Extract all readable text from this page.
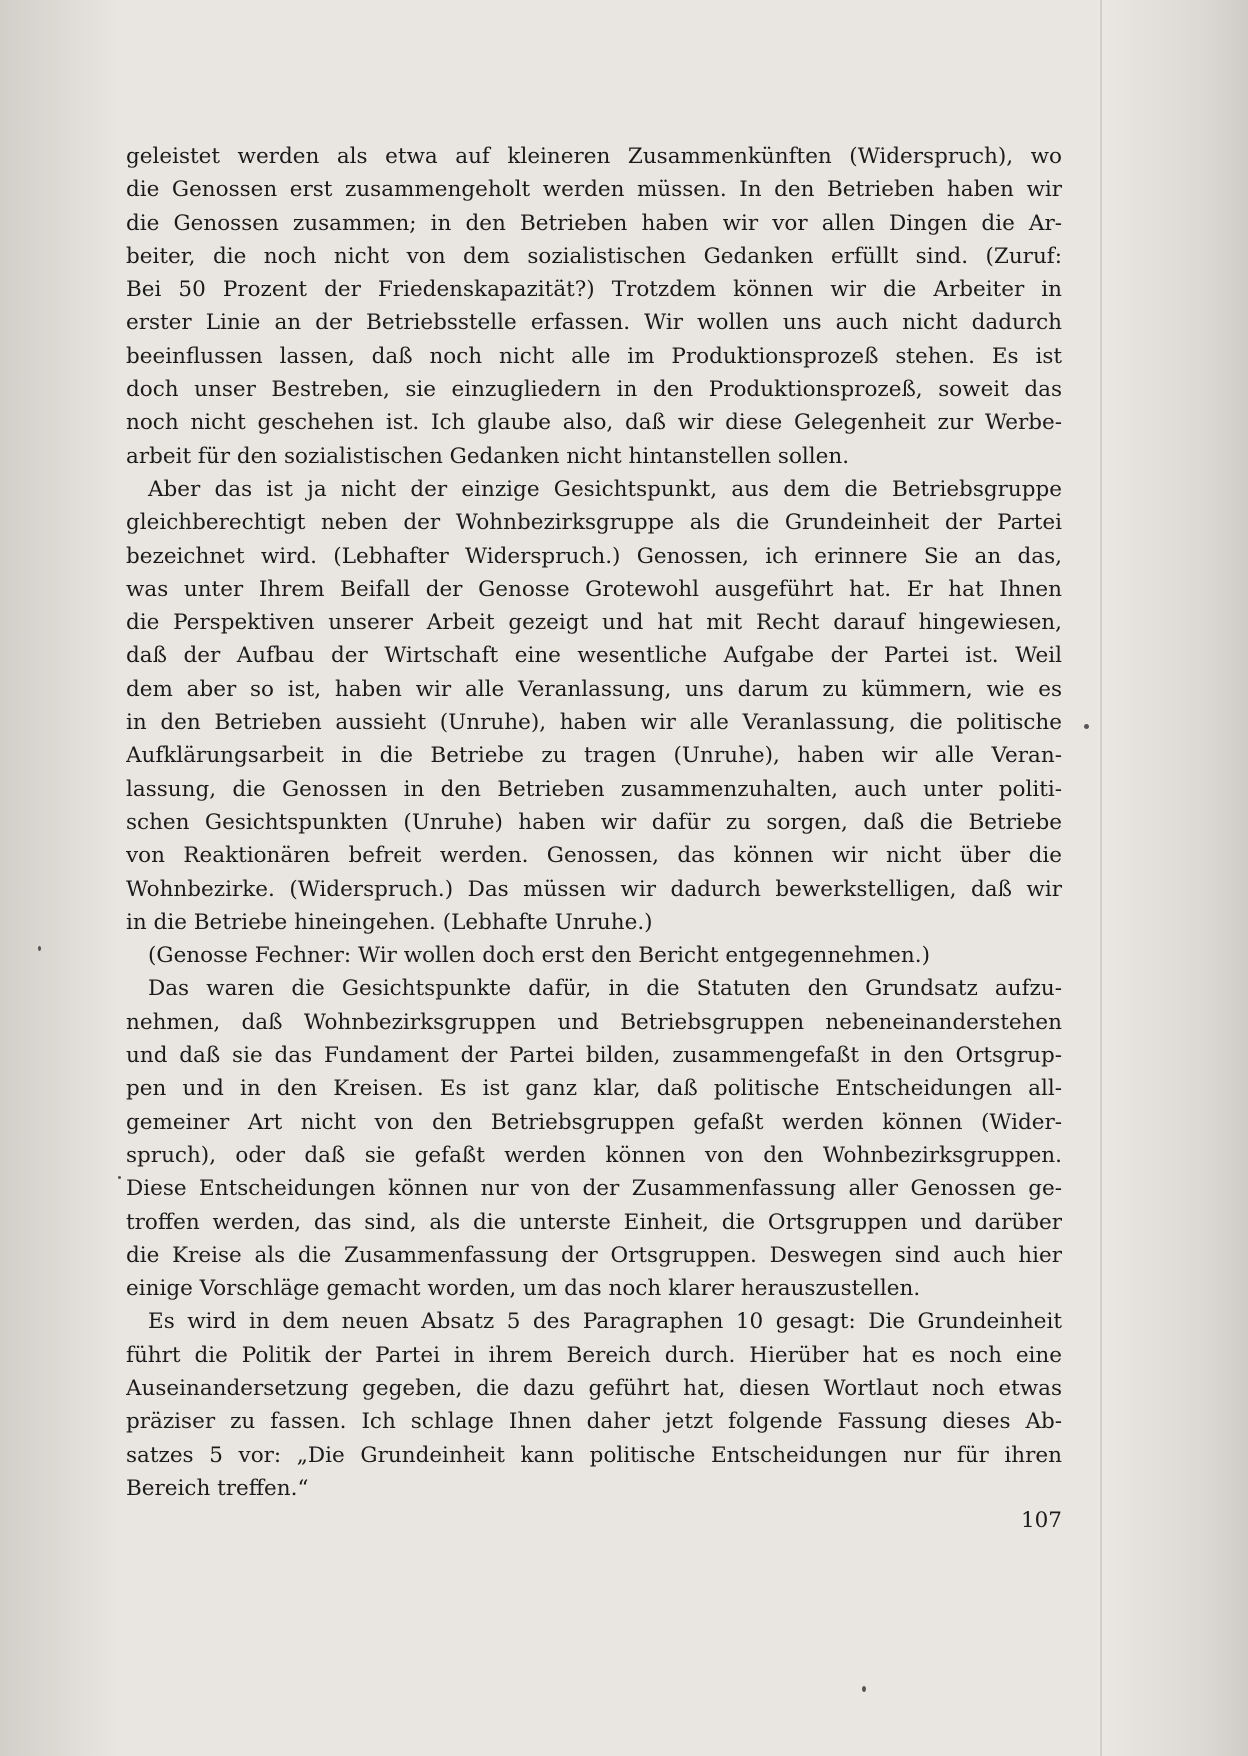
geleistet werden als etwa auf kleineren Zusammenkünften (Widerspruch), wo
die Genossen erst zusammengeholt werden müssen. In den Betrieben haben wir
die Genossen zusammen; in den Betrieben haben wir vor allen Dingen die Ar-
beiter, die noch nicht von dem sozialistischen Gedanken erfüllt sind. (Zuruf:
Bei 50 Prozent der Friedenskapazität?) Trotzdem können wir die Arbeiter in
erster Linie an der Betriebsstelle erfassen. Wir wollen uns auch nicht dadurch
beeinflussen lassen, daß noch nicht alle im Produktionsprozeß stehen. Es ist
doch unser Bestreben, sie einzugliedern in den Produktionsprozeß, soweit das
noch nicht geschehen ist. Ich glaube also, daß wir diese Gelegenheit zur Werbe-
arbeit für den sozialistischen Gedanken nicht hintanstellen sollen.
Aber das ist ja nicht der einzige Gesichtspunkt, aus dem die Betriebsgruppe
gleichberechtigt neben der Wohnbezirksgruppe als die Grundeinheit der Partei
bezeichnet wird. (Lebhafter Widerspruch.) Genossen, ich erinnere Sie an das,
was unter Ihrem Beifall der Genosse Grotewohl ausgeführt hat. Er hat Ihnen
die Perspektiven unserer Arbeit gezeigt und hat mit Recht darauf hingewiesen,
daß der Aufbau der Wirtschaft eine wesentliche Aufgabe der Partei ist. Weil
dem aber so ist, haben wir alle Veranlassung, uns darum zu kümmern, wie es
in den Betrieben aussieht (Unruhe), haben wir alle Veranlassung, die politische
Aufklärungsarbeit in die Betriebe zu tragen (Unruhe), haben wir alle Veran-
lassung, die Genossen in den Betrieben zusammenzuhalten, auch unter politi-
schen Gesichtspunkten (Unruhe) haben wir dafür zu sorgen, daß die Betriebe
von Reaktionären befreit werden. Genossen, das können wir nicht über die
Wohnbezirke. (Widerspruch.) Das müssen wir dadurch bewerkstelligen, daß wir
in die Betriebe hineingehen. (Lebhafte Unruhe.)
(Genosse Fechner: Wir wollen doch erst den Bericht entgegennehmen.)
Das waren die Gesichtspunkte dafür, in die Statuten den Grundsatz aufzu-
nehmen, daß Wohnbezirksgruppen und Betriebsgruppen nebeneinanderstehen
und daß sie das Fundament der Partei bilden, zusammengefaßt in den Ortsgrup-
pen und in den Kreisen. Es ist ganz klar, daß politische Entscheidungen all-
gemeiner Art nicht von den Betriebsgruppen gefaßt werden können (Wider-
spruch), oder daß sie gefaßt werden können von den Wohnbezirksgruppen.
Diese Entscheidungen können nur von der Zusammenfassung aller Genossen ge-
troffen werden, das sind, als die unterste Einheit, die Ortsgruppen und darüber
die Kreise als die Zusammenfassung der Ortsgruppen. Deswegen sind auch hier
einige Vorschläge gemacht worden, um das noch klarer herauszustellen.
Es wird in dem neuen Absatz 5 des Paragraphen 10 gesagt: Die Grundeinheit
führt die Politik der Partei in ihrem Bereich durch. Hierüber hat es noch eine
Auseinandersetzung gegeben, die dazu geführt hat, diesen Wortlaut noch etwas
präziser zu fassen. Ich schlage Ihnen daher jetzt folgende Fassung dieses Ab-
satzes 5 vor: „Die Grundeinheit kann politische Entscheidungen nur für ihren
Bereich treffen.“
107
